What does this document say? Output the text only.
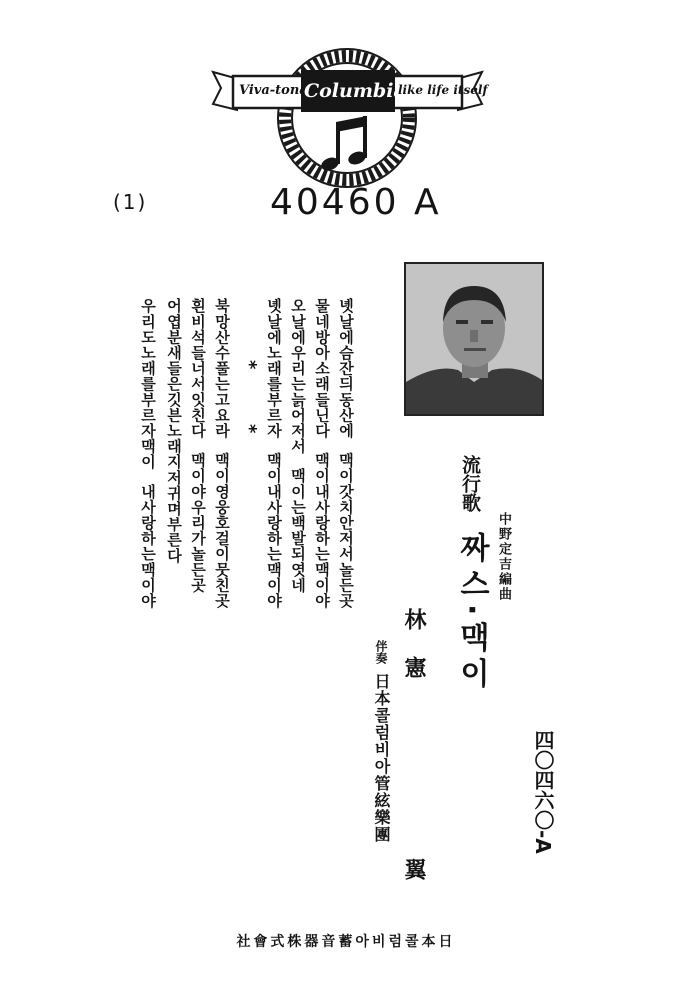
Viva-tonal
Columbia
like life itself
(1)	40460 A
流行歌
中野定吉編曲
짜스·맥이
林　憲 翼
伴奏
日本콜럼비아管絃樂團	四〇四六〇-A
녯날에슴잔듸동산에맥이갓치안저서놀든곳
물네방아소래들닌다맥이내사랑하는맥이야
오날에우리는늙어저서맥이는백발되엿네
녯날에노래를부르자맥이내사랑하는맥이야
**
북망산수풀는고요라맥이영웅호걸이뭇친곳
흰비석들너서잇친다맥이야우리가놀든곳
어엽분새들은깃븐노래지저귀며부른다
우리도노래를부르자맥이내사랑하는맥이야
社會式株器音蓄아비럼콜本日
